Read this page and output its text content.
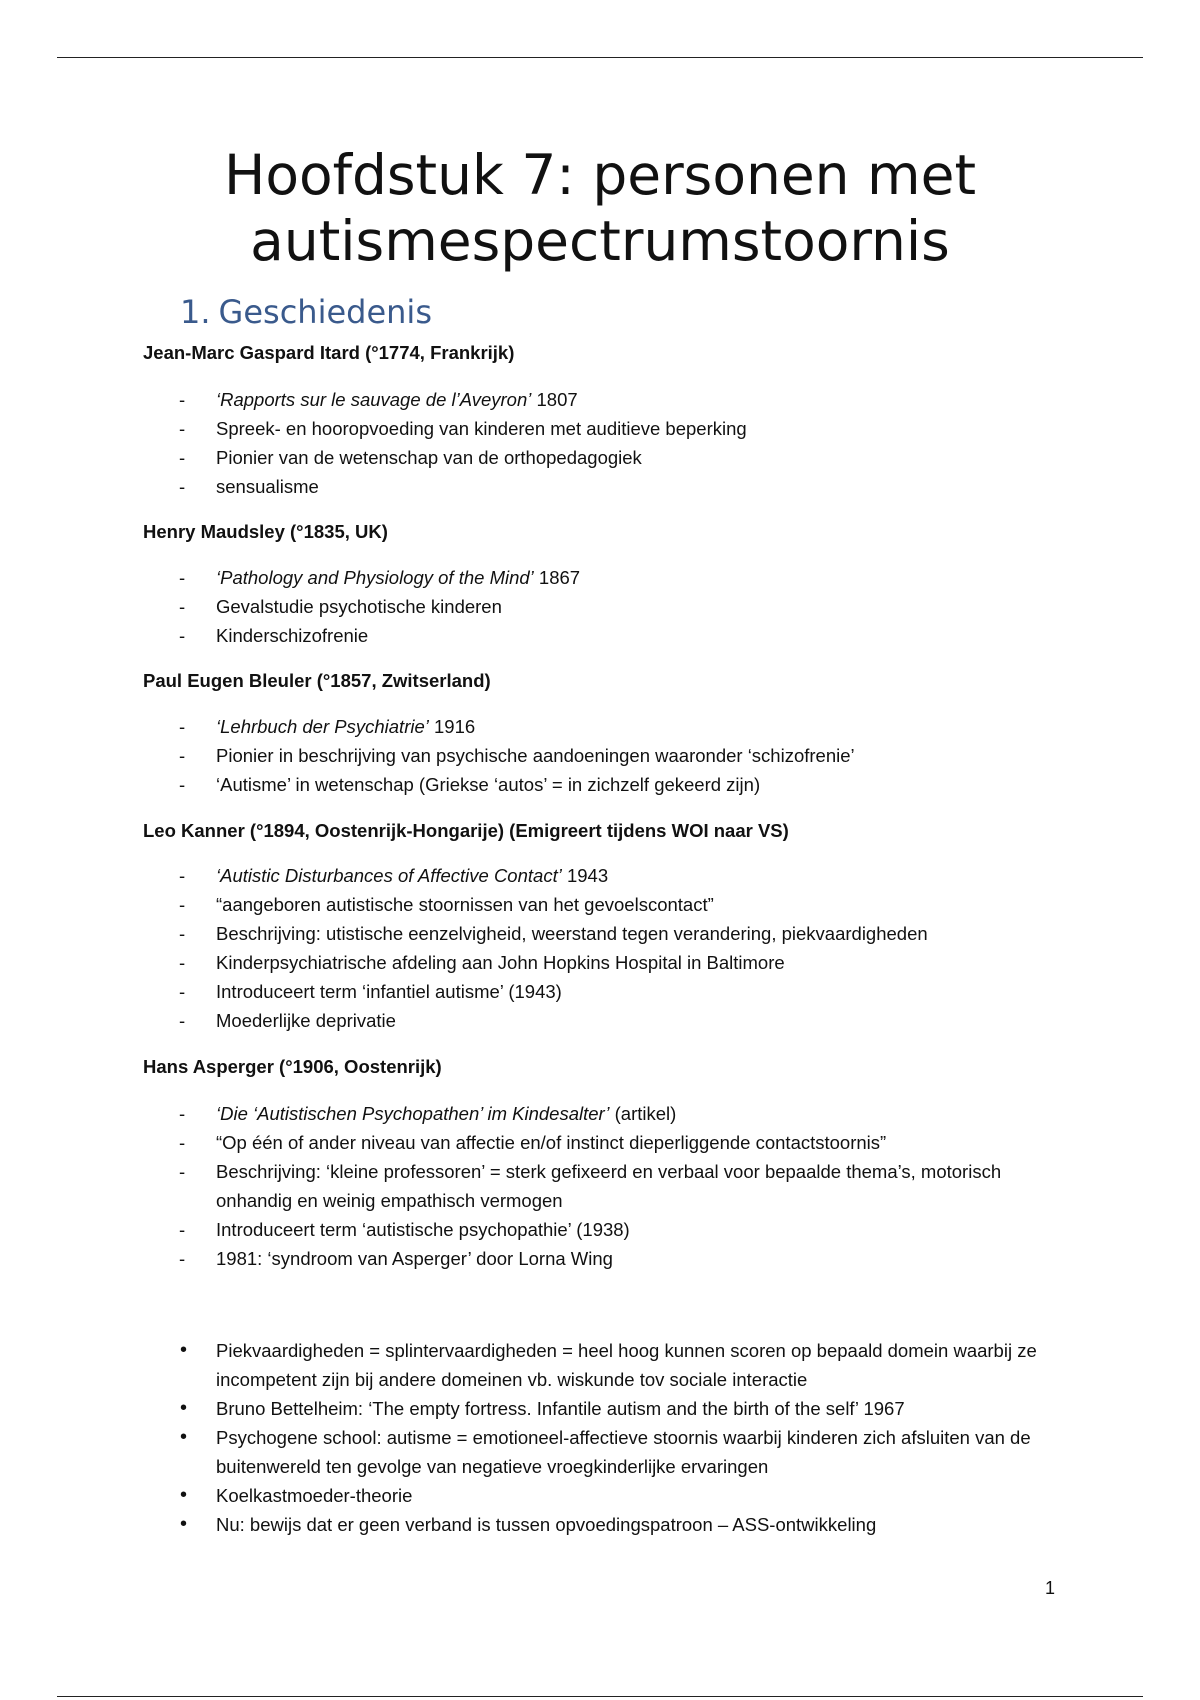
Hoofdstuk 7: personen met
autismespectrumstoornis
1. Geschiedenis
Jean-Marc Gaspard Itard (°1774, Frankrijk)
- ‘Rapports sur le sauvage de l’Aveyron’ 1807
- Spreek- en hooropvoeding van kinderen met auditieve beperking
- Pionier van de wetenschap van de orthopedagogiek
- sensualisme
Henry Maudsley (°1835, UK)
- ‘Pathology and Physiology of the Mind’ 1867
- Gevalstudie psychotische kinderen
- Kinderschizofrenie
Paul Eugen Bleuler (°1857, Zwitserland)
- ‘Lehrbuch der Psychiatrie’ 1916
- Pionier in beschrijving van psychische aandoeningen waaronder ‘schizofrenie’
- ‘Autisme’ in wetenschap (Griekse ‘autos’ = in zichzelf gekeerd zijn)
Leo Kanner (°1894, Oostenrijk-Hongarije) (Emigreert tijdens WOI naar VS)
- ‘Autistic Disturbances of Affective Contact’ 1943
- “aangeboren autistische stoornissen van het gevoelscontact”
- Beschrijving: utistische eenzelvigheid, weerstand tegen verandering, piekvaardigheden
- Kinderpsychiatrische afdeling aan John Hopkins Hospital in Baltimore
- Introduceert term ‘infantiel autisme’ (1943)
- Moederlijke deprivatie
Hans Asperger (°1906, Oostenrijk)
- ‘Die ‘Autistischen Psychopathen’ im Kindesalter’ (artikel)
- “Op één of ander niveau van affectie en/of instinct dieperliggende contactstoornis”
- Beschrijving: ‘kleine professoren’ = sterk gefixeerd en verbaal voor bepaalde thema’s, motorisch onhandig en weinig empathisch vermogen
- Introduceert term ‘autistische psychopathie’ (1938)
- 1981: ‘syndroom van Asperger’ door Lorna Wing
• Piekvaardigheden = splintervaardigheden = heel hoog kunnen scoren op bepaald domein waarbij ze incompetent zijn bij andere domeinen vb. wiskunde tov sociale interactie
• Bruno Bettelheim: ‘The empty fortress. Infantile autism and the birth of the self’ 1967
• Psychogene school: autisme = emotioneel-affectieve stoornis waarbij kinderen zich afsluiten van de buitenwereld ten gevolge van negatieve vroegkinderlijke ervaringen
• Koelkastmoeder-theorie
• Nu: bewijs dat er geen verband is tussen opvoedingspatroon – ASS-ontwikkeling
1
